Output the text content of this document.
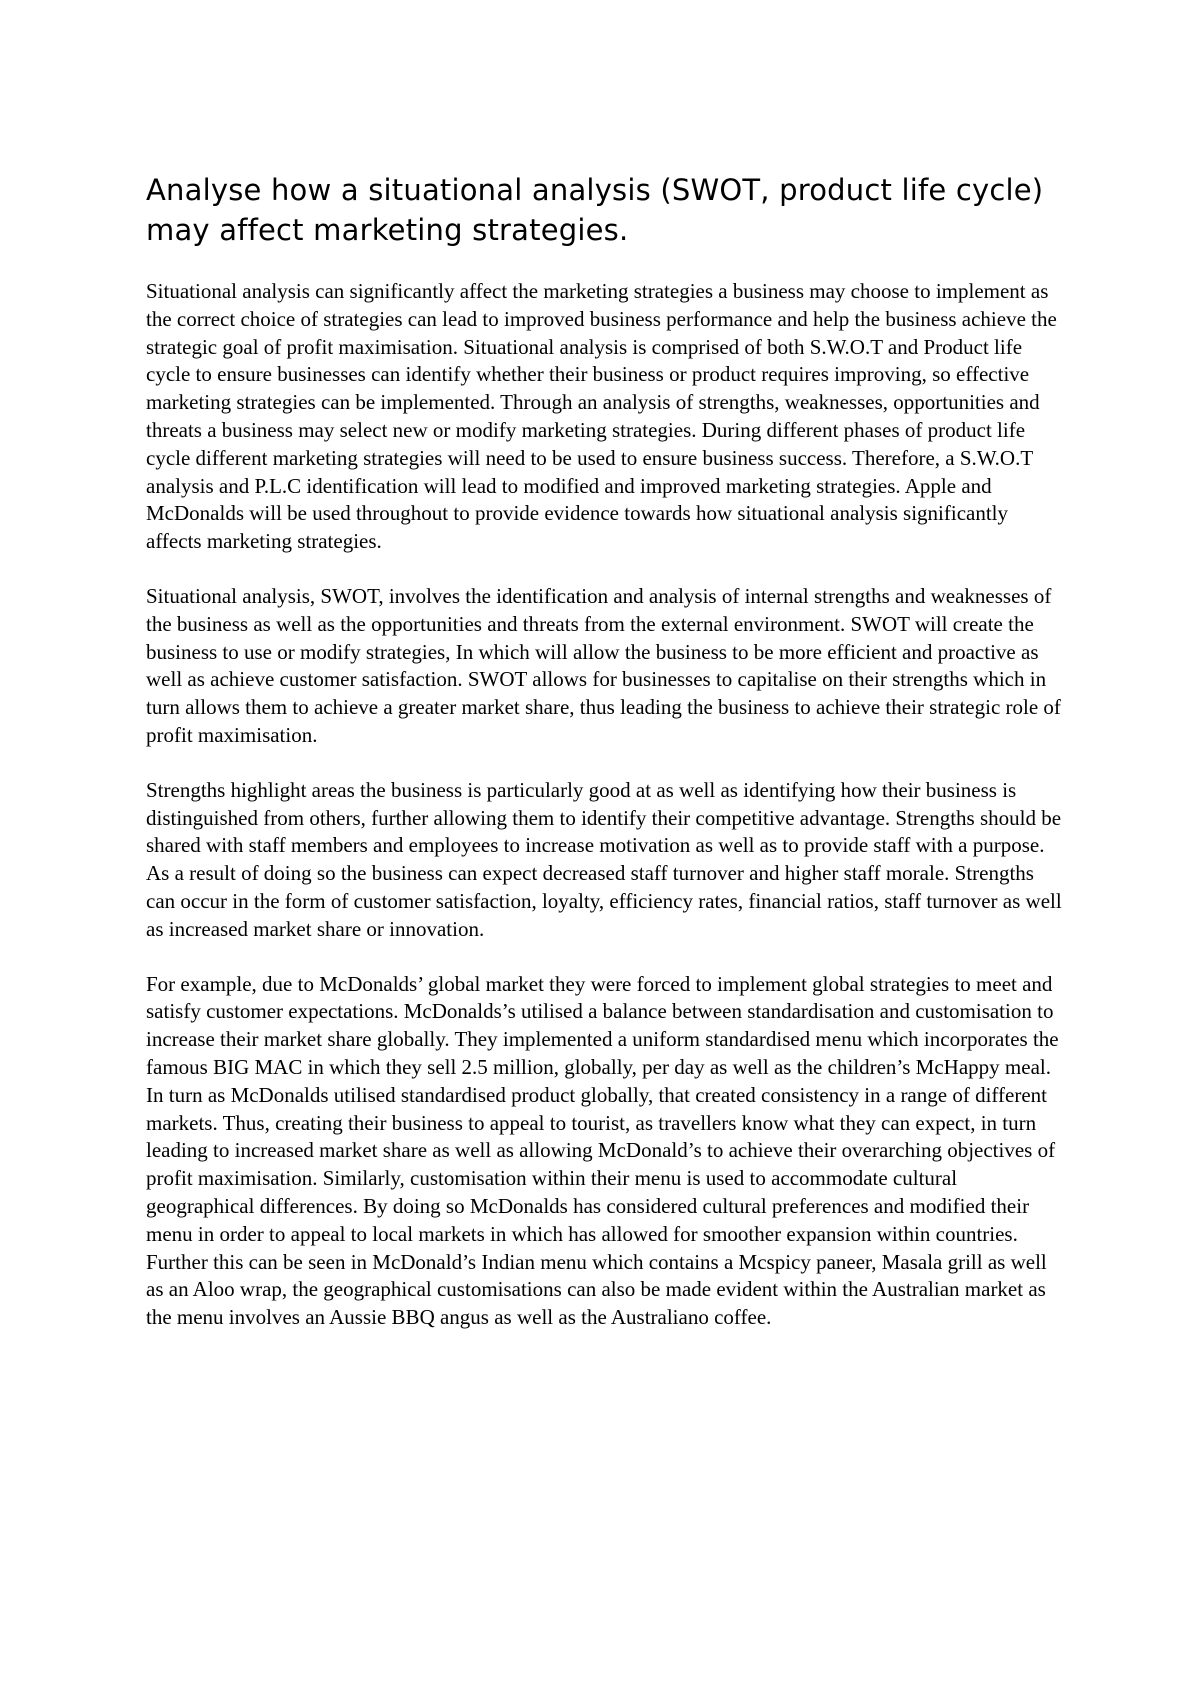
Analyse how a situational analysis (SWOT, product life cycle) may affect marketing strategies.

Situational analysis can significantly affect the marketing strategies a business may choose to implement as the correct choice of strategies can lead to improved business performance and help the business achieve the strategic goal of profit maximisation. Situational analysis is comprised of both S.W.O.T and Product life cycle to ensure businesses can identify whether their business or product requires improving, so effective marketing strategies can be implemented. Through an analysis of strengths, weaknesses, opportunities and threats a business may select new or modify marketing strategies. During different phases of product life cycle different marketing strategies will need to be used to ensure business success. Therefore, a S.W.O.T analysis and P.L.C identification will lead to modified and improved marketing strategies. Apple and McDonalds will be used throughout to provide evidence towards how situational analysis significantly affects marketing strategies.

Situational analysis, SWOT, involves the identification and analysis of internal strengths and weaknesses of the business as well as the opportunities and threats from the external environment. SWOT will create the business to use or modify strategies, In which will allow the business to be more efficient and proactive as well as achieve customer satisfaction. SWOT allows for businesses to capitalise on their strengths which in turn allows them to achieve a greater market share, thus leading the business to achieve their strategic role of profit maximisation.

Strengths highlight areas the business is particularly good at as well as identifying how their business is distinguished from others, further allowing them to identify their competitive advantage. Strengths should be shared with staff members and employees to increase motivation as well as to provide staff with a purpose. As a result of doing so the business can expect decreased staff turnover and higher staff morale. Strengths can occur in the form of customer satisfaction, loyalty, efficiency rates, financial ratios, staff turnover as well as increased market share or innovation.

For example, due to McDonalds’ global market they were forced to implement global strategies to meet and satisfy customer expectations. McDonalds’s utilised a balance between standardisation and customisation to increase their market share globally. They implemented a uniform standardised menu which incorporates the famous BIG MAC in which they sell 2.5 million, globally, per day as well as the children’s McHappy meal. In turn as McDonalds utilised standardised product globally, that created consistency in a range of different markets. Thus, creating their business to appeal to tourist, as travellers know what they can expect, in turn leading to increased market share as well as allowing McDonald’s to achieve their overarching objectives of profit maximisation. Similarly, customisation within their menu is used to accommodate cultural geographical differences. By doing so McDonalds has considered cultural preferences and modified their menu in order to appeal to local markets in which has allowed for smoother expansion within countries. Further this can be seen in McDonald’s Indian menu which contains a Mcspicy paneer, Masala grill as well as an Aloo wrap, the geographical customisations can also be made evident within the Australian market as the menu involves an Aussie BBQ angus as well as the Australiano coffee.
